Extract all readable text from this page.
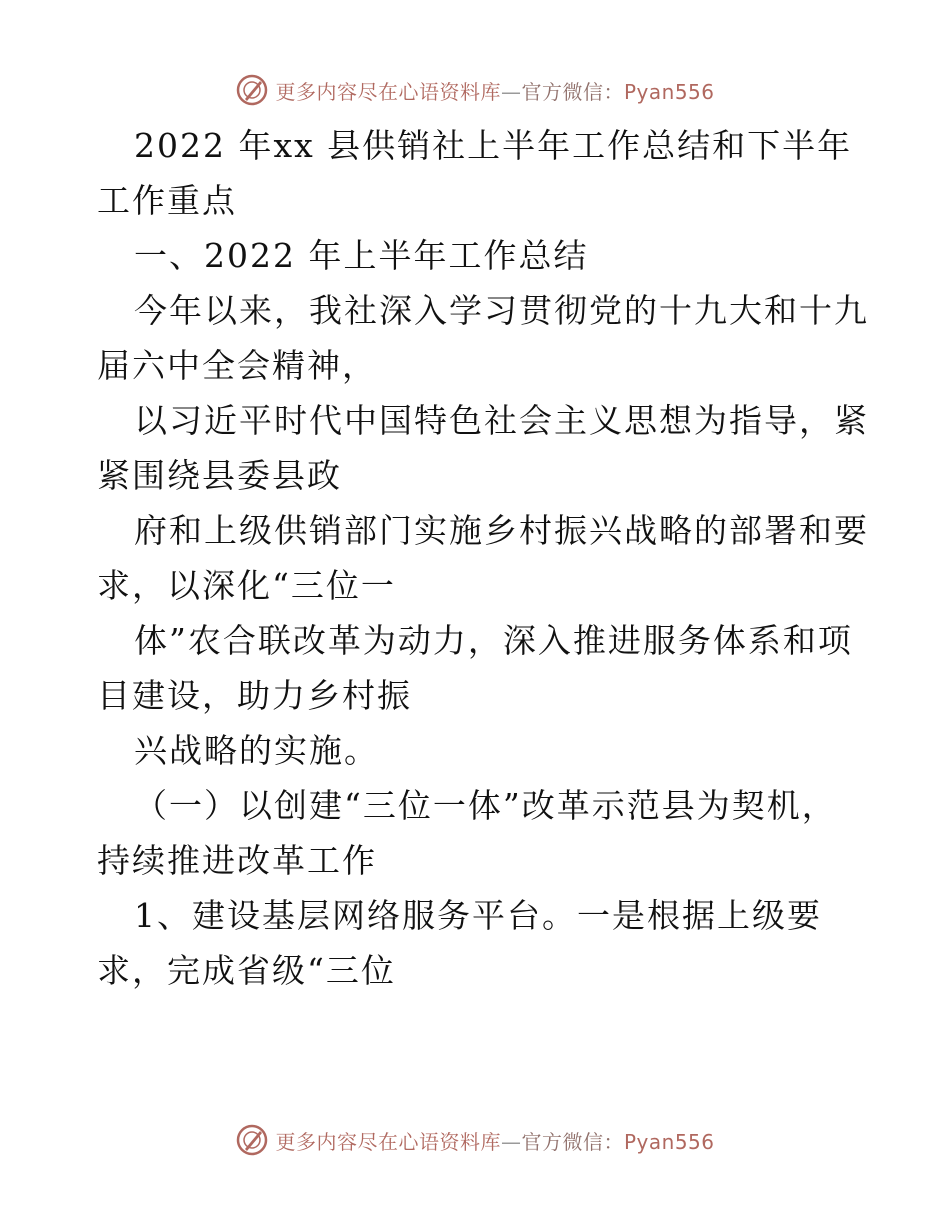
更多内容尽在心语资料库—官方微信：Pyan556
2022 年xx 县供销社上半年工作总结和下半年
工作重点
一、2022 年上半年工作总结
今年以来，我社深入学习贯彻党的十九大和十九
届六中全会精神，
以习近平时代中国特色社会主义思想为指导，紧
紧围绕县委县政
府和上级供销部门实施乡村振兴战略的部署和要
求，以深化“三位一
体”农合联改革为动力，深入推进服务体系和项
目建设，助力乡村振
兴战略的实施。
（一）以创建“三位一体”改革示范县为契机，
持续推进改革工作
1、建设基层网络服务平台。一是根据上级要
求，完成省级“三位
更多内容尽在心语资料库—官方微信：Pyan556
